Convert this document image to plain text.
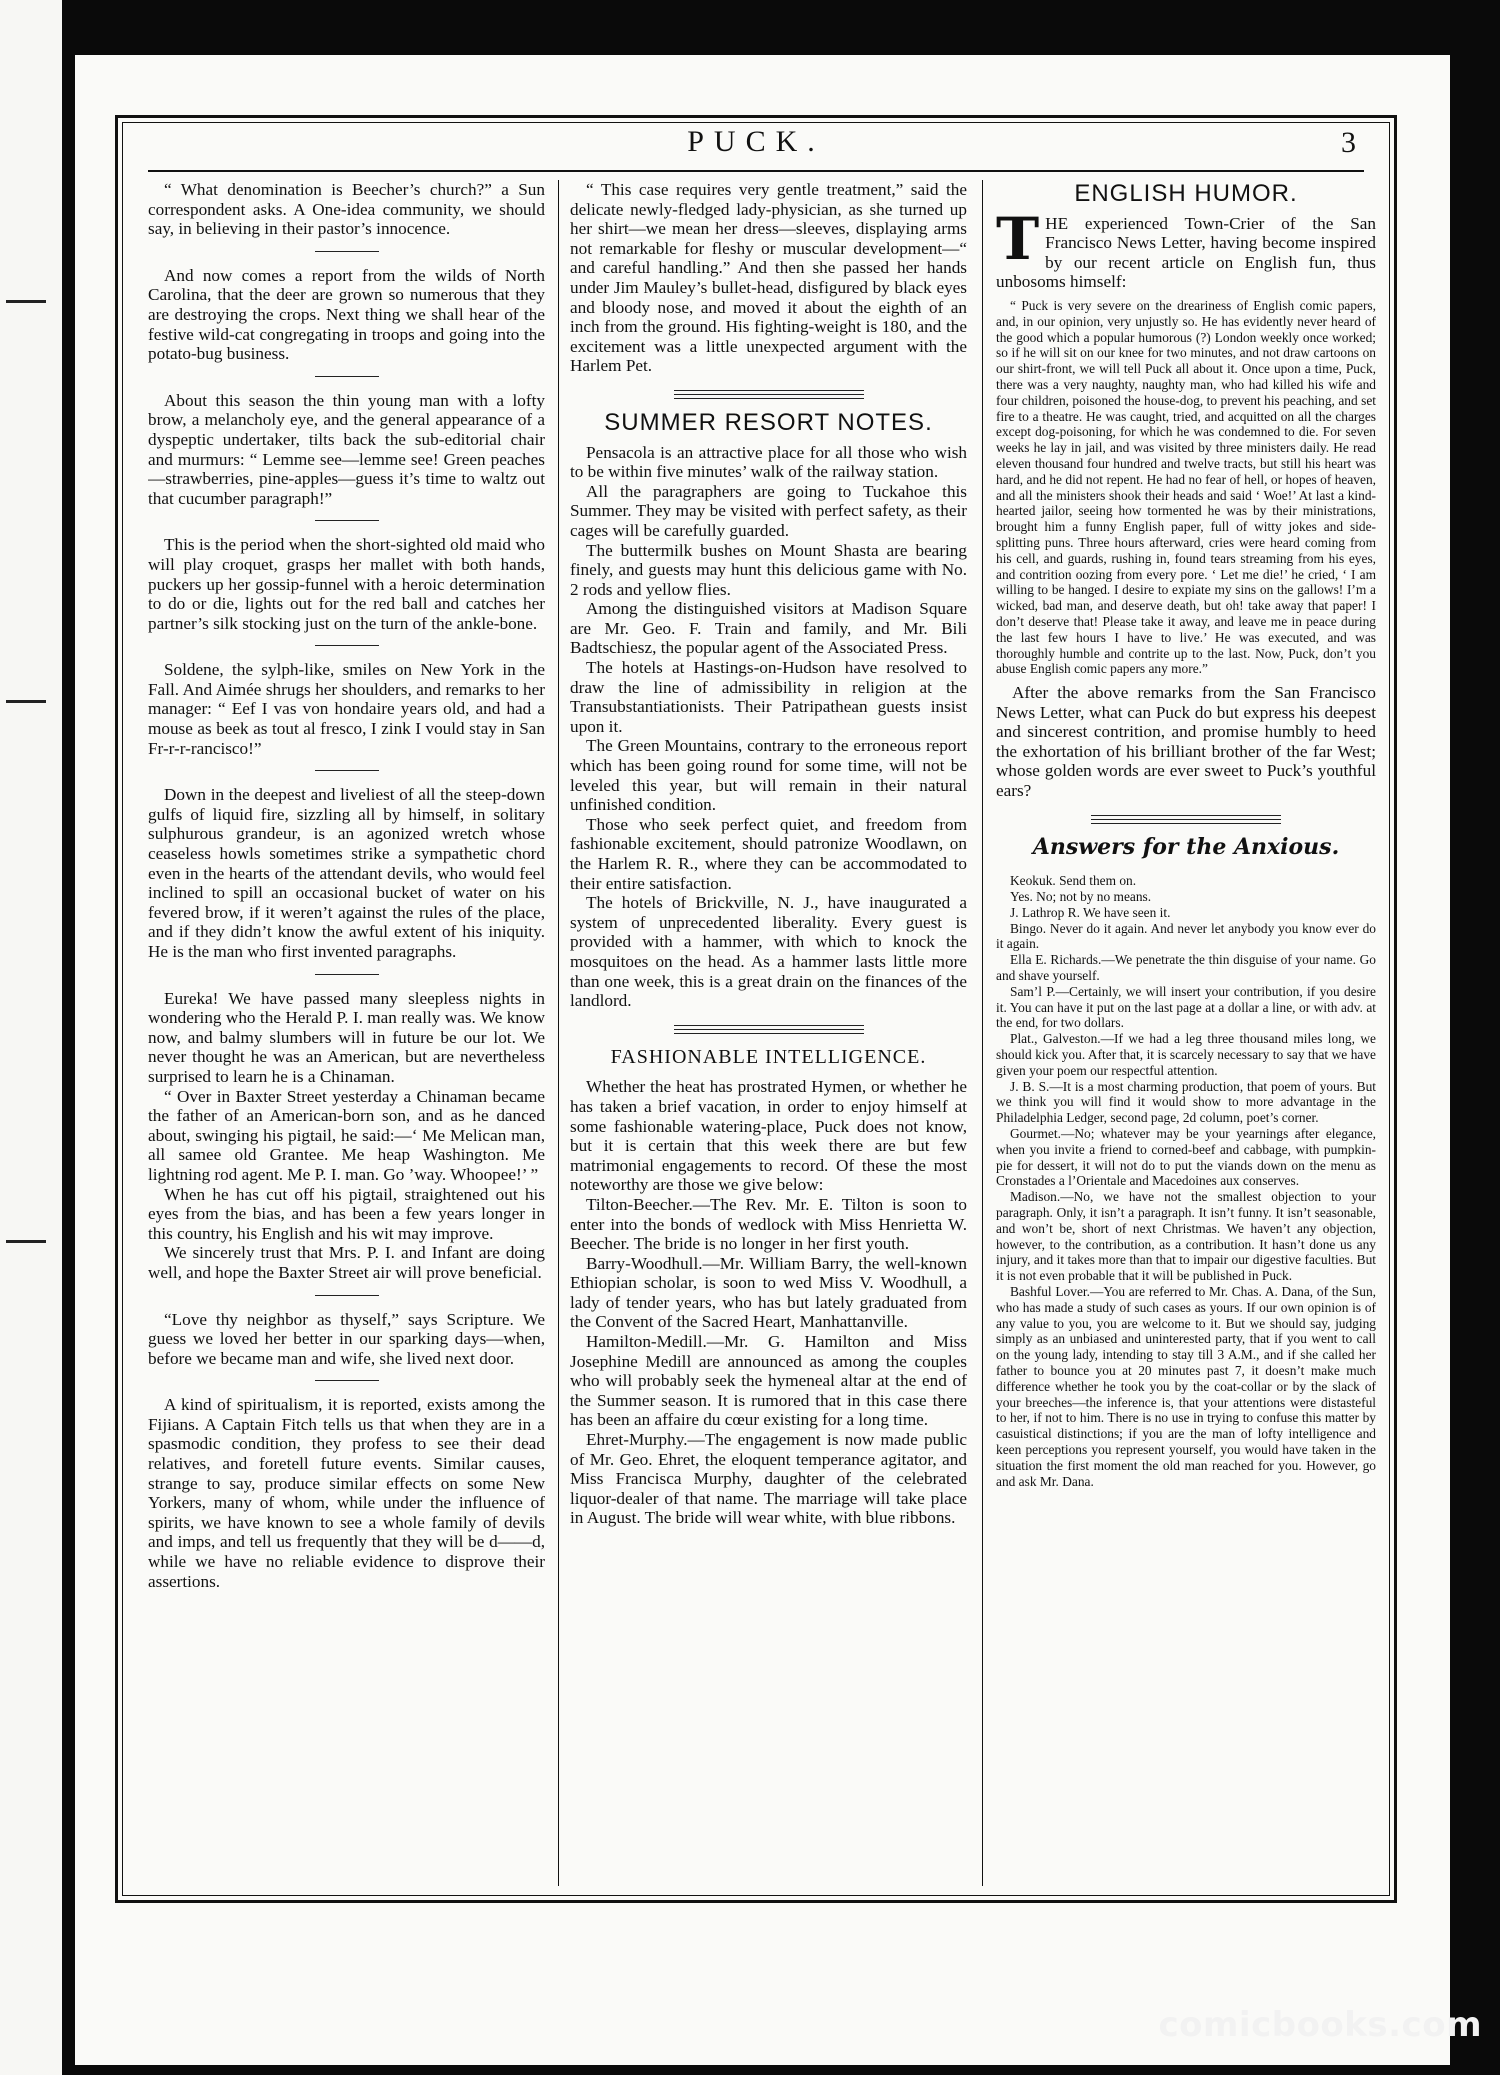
PUCK.	3

“ What denomination is Beecher’s church?” a Sun correspondent asks. A One-idea community, we should say, in believing in their pastor’s innocence.

And now comes a report from the wilds of North Carolina, that the deer are grown so numerous that they are destroying the crops. Next thing we shall hear of the festive wild-cat congregating in troops and going into the potato-bug business.

About this season the thin young man with a lofty brow, a melancholy eye, and the general appearance of a dyspeptic undertaker, tilts back the sub-editorial chair and murmurs: “ Lemme see—lemme see! Green peaches—strawberries, pine-apples—guess it’s time to waltz out that cucumber paragraph!”

This is the period when the short-sighted old maid who will play croquet, grasps her mallet with both hands, puckers up her gossip-funnel with a heroic determination to do or die, lights out for the red ball and catches her partner’s silk stocking just on the turn of the ankle-bone.

Soldene, the sylph-like, smiles on New York in the Fall. And Aimée shrugs her shoulders, and remarks to her manager: “ Eef I vas von hondaire years old, and had a mouse as beek as tout al fresco, I zink I vould stay in San Fr-r-r-rancisco!”

Down in the deepest and liveliest of all the steep-down gulfs of liquid fire, sizzling all by himself, in solitary sulphurous grandeur, is an agonized wretch whose ceaseless howls sometimes strike a sympathetic chord even in the hearts of the attendant devils, who would feel inclined to spill an occasional bucket of water on his fevered brow, if it weren’t against the rules of the place, and if they didn’t know the awful extent of his iniquity. He is the man who first invented paragraphs.

Eureka! We have passed many sleepless nights in wondering who the Herald P. I. man really was. We know now, and balmy slumbers will in future be our lot. We never thought he was an American, but are nevertheless surprised to learn he is a Chinaman.

“ Over in Baxter Street yesterday a Chinaman became the father of an American-born son, and as he danced about, swinging his pigtail, he said:—‘ Me Melican man, all samee old Grantee. Me heap Washington. Me lightning rod agent. Me P. I. man. Go ’way. Whoopee!’ ”

When he has cut off his pigtail, straightened out his eyes from the bias, and has been a few years longer in this country, his English and his wit may improve.

We sincerely trust that Mrs. P. I. and Infant are doing well, and hope the Baxter Street air will prove beneficial.

“Love thy neighbor as thyself,” says Scripture. We guess we loved her better in our sparking days—when, before we became man and wife, she lived next door.

A kind of spiritualism, it is reported, exists among the Fijians. A Captain Fitch tells us that when they are in a spasmodic condition, they profess to see their dead relatives, and foretell future events. Similar causes, strange to say, produce similar effects on some New Yorkers, many of whom, while under the influence of spirits, we have known to see a whole family of devils and imps, and tell us frequently that they will be d——d, while we have no reliable evidence to disprove their assertions.

“ This case requires very gentle treatment,” said the delicate newly-fledged lady-physician, as she turned up her shirt—we mean her dress—sleeves, displaying arms not remarkable for fleshy or muscular development—“ and careful handling.” And then she passed her hands under Jim Mauley’s bullet-head, disfigured by black eyes and bloody nose, and moved it about the eighth of an inch from the ground. His fighting-weight is 180, and the excitement was a little unexpected argument with the Harlem Pet.

SUMMER RESORT NOTES.

Pensacola is an attractive place for all those who wish to be within five minutes’ walk of the railway station.

All the paragraphers are going to Tuckahoe this Summer. They may be visited with perfect safety, as their cages will be carefully guarded.

The buttermilk bushes on Mount Shasta are bearing finely, and guests may hunt this delicious game with No. 2 rods and yellow flies.

Among the distinguished visitors at Madison Square are Mr. Geo. F. Train and family, and Mr. Bili Badtschiesz, the popular agent of the Associated Press.

The hotels at Hastings-on-Hudson have resolved to draw the line of admissibility in religion at the Transubstantiationists. Their Patripathean guests insist upon it.

The Green Mountains, contrary to the erroneous report which has been going round for some time, will not be leveled this year, but will remain in their natural unfinished condition.

Those who seek perfect quiet, and freedom from fashionable excitement, should patronize Woodlawn, on the Harlem R. R., where they can be accommodated to their entire satisfaction.

The hotels of Brickville, N. J., have inaugurated a system of unprecedented liberality. Every guest is provided with a hammer, with which to knock the mosquitoes on the head. As a hammer lasts little more than one week, this is a great drain on the finances of the landlord.

FASHIONABLE INTELLIGENCE.

Whether the heat has prostrated Hymen, or whether he has taken a brief vacation, in order to enjoy himself at some fashionable watering-place, Puck does not know, but it is certain that this week there are but few matrimonial engagements to record. Of these the most noteworthy are those we give below:

Tilton-Beecher.—The Rev. Mr. E. Tilton is soon to enter into the bonds of wedlock with Miss Henrietta W. Beecher. The bride is no longer in her first youth.

Barry-Woodhull.—Mr. William Barry, the well-known Ethiopian scholar, is soon to wed Miss V. Woodhull, a lady of tender years, who has but lately graduated from the Convent of the Sacred Heart, Manhattanville.

Hamilton-Medill.—Mr. G. Hamilton and Miss Josephine Medill are announced as among the couples who will probably seek the hymeneal altar at the end of the Summer season. It is rumored that in this case there has been an affaire du cœur existing for a long time.

Ehret-Murphy.—The engagement is now made public of Mr. Geo. Ehret, the eloquent temperance agitator, and Miss Francisca Murphy, daughter of the celebrated liquor-dealer of that name. The marriage will take place in August. The bride will wear white, with blue ribbons.

ENGLISH HUMOR.

THE experienced Town-Crier of the San Francisco News Letter, having become inspired by our recent article on English fun, thus unbosoms himself:

“ Puck is very severe on the dreariness of English comic papers, and, in our opinion, very unjustly so. He has evidently never heard of the good which a popular humorous (?) London weekly once worked; so if he will sit on our knee for two minutes, and not draw cartoons on our shirt-front, we will tell Puck all about it. Once upon a time, Puck, there was a very naughty, naughty man, who had killed his wife and four children, poisoned the house-dog, to prevent his peaching, and set fire to a theatre. He was caught, tried, and acquitted on all the charges except dog-poisoning, for which he was condemned to die. For seven weeks he lay in jail, and was visited by three ministers daily. He read eleven thousand four hundred and twelve tracts, but still his heart was hard, and he did not repent. He had no fear of hell, or hopes of heaven, and all the ministers shook their heads and said ‘ Woe!’ At last a kind-hearted jailor, seeing how tormented he was by their ministrations, brought him a funny English paper, full of witty jokes and side-splitting puns. Three hours afterward, cries were heard coming from his cell, and guards, rushing in, found tears streaming from his eyes, and contrition oozing from every pore. ‘ Let me die!’ he cried, ‘ I am willing to be hanged. I desire to expiate my sins on the gallows! I’m a wicked, bad man, and deserve death, but oh! take away that paper! I don’t deserve that! Please take it away, and leave me in peace during the last few hours I have to live.’ He was executed, and was thoroughly humble and contrite up to the last. Now, Puck, don’t you abuse English comic papers any more.”

After the above remarks from the San Francisco News Letter, what can Puck do but express his deepest and sincerest contrition, and promise humbly to heed the exhortation of his brilliant brother of the far West; whose golden words are ever sweet to Puck’s youthful ears?

Answers for the Anxious.

Keokuk. Send them on.

Yes. No; not by no means.

J. Lathrop R. We have seen it.

Bingo. Never do it again. And never let anybody you know ever do it again.

Ella E. Richards.—We penetrate the thin disguise of your name. Go and shave yourself.

Sam’l P.—Certainly, we will insert your contribution, if you desire it. You can have it put on the last page at a dollar a line, or with adv. at the end, for two dollars.

Plat., Galveston.—If we had a leg three thousand miles long, we should kick you. After that, it is scarcely necessary to say that we have given your poem our respectful attention.

J. B. S.—It is a most charming production, that poem of yours. But we think you will find it would show to more advantage in the Philadelphia Ledger, second page, 2d column, poet’s corner.

Gourmet.—No; whatever may be your yearnings after elegance, when you invite a friend to corned-beef and cabbage, with pumpkin-pie for dessert, it will not do to put the viands down on the menu as Cronstades a l’Orientale and Macedoines aux conserves.

Madison.—No, we have not the smallest objection to your paragraph. Only, it isn’t a paragraph. It isn’t funny. It isn’t seasonable, and won’t be, short of next Christmas. We haven’t any objection, however, to the contribution, as a contribution. It hasn’t done us any injury, and it takes more than that to impair our digestive faculties. But it is not even probable that it will be published in Puck.

Bashful Lover.—You are referred to Mr. Chas. A. Dana, of the Sun, who has made a study of such cases as yours. If our own opinion is of any value to you, you are welcome to it. But we should say, judging simply as an unbiased and uninterested party, that if you went to call on the young lady, intending to stay till 3 A.M., and if she called her father to bounce you at 20 minutes past 7, it doesn’t make much difference whether he took you by the coat-collar or by the slack of your breeches—the inference is, that your attentions were distasteful to her, if not to him. There is no use in trying to confuse this matter by casuistical distinctions; if you are the man of lofty intelligence and keen perceptions you represent yourself, you would have taken in the situation the first moment the old man reached for you. However, go and ask Mr. Dana.

comicbooks.com
